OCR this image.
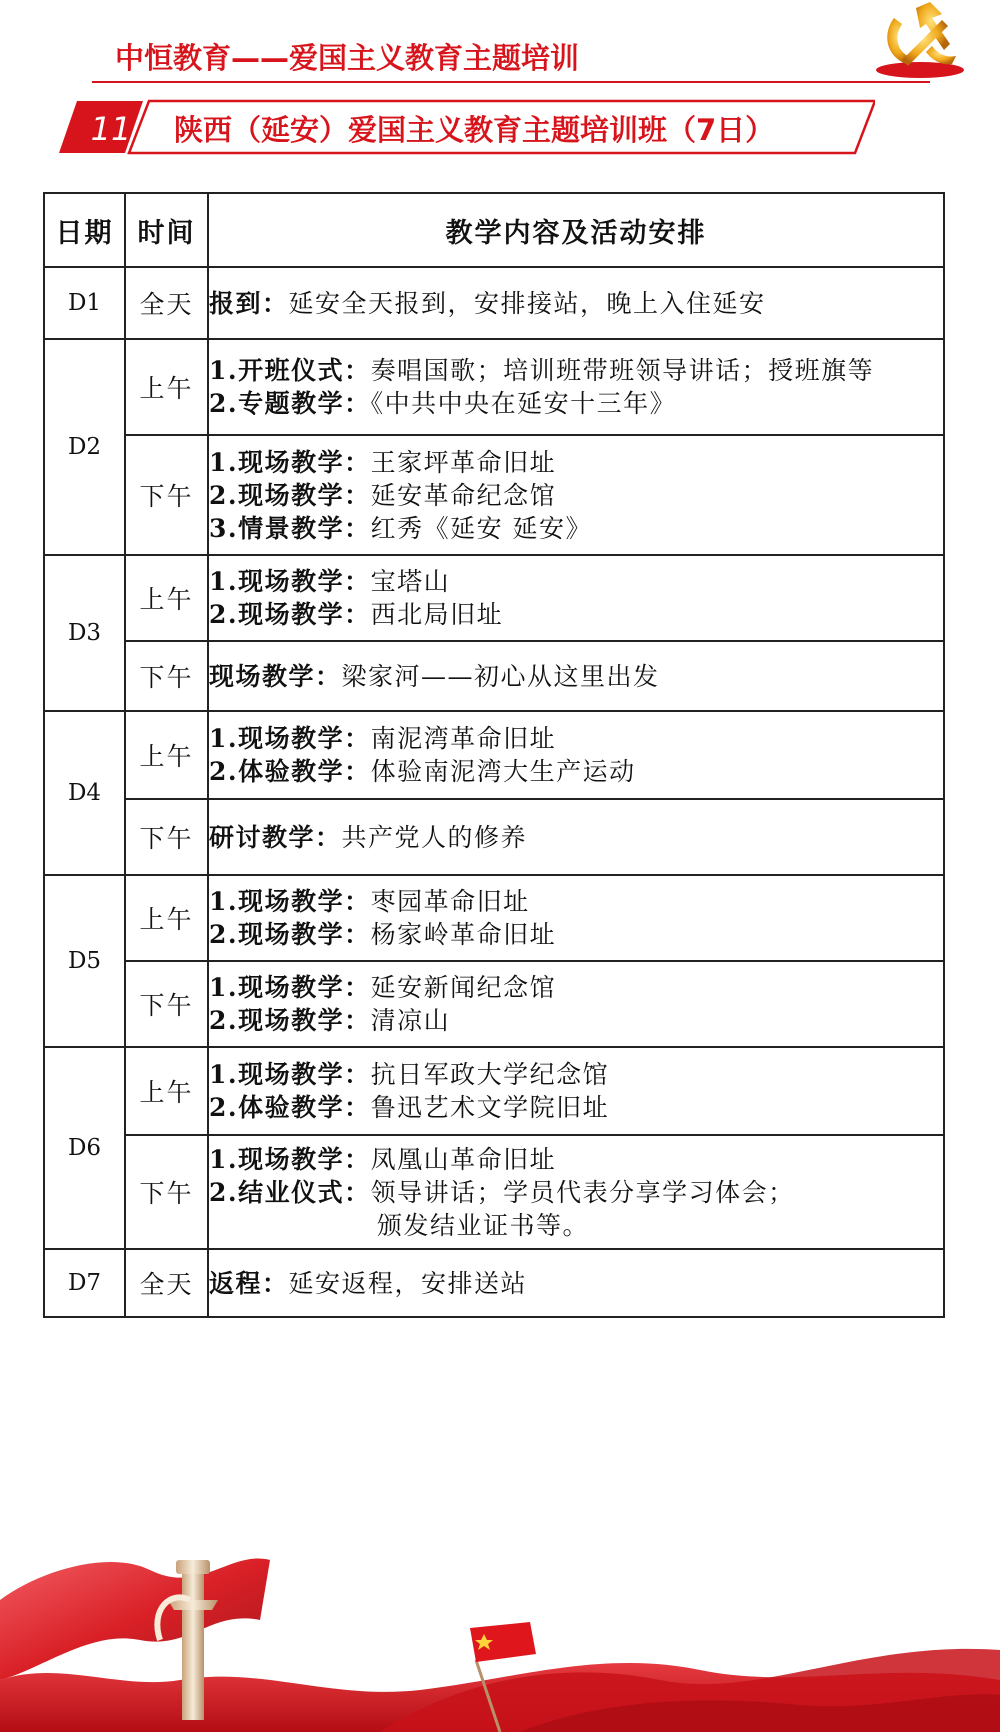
中恒教育——爱国主义教育主题培训
11 陕西（延安）爱国主义教育主题培训班（7日）
日期	时间	教学内容及活动安排
D1	全天	报到：延安全天报到，安排接站，晚上入住延安

D2	上午	1.开班仪式：奏唱国歌；培训班带班领导讲话；授班旗等
2.专题教学：《中共中央在延安十三年》

	下午	1.现场教学：王家坪革命旧址
2.现场教学：延安革命纪念馆
3.情景教学：红秀《延安 延安》

D3	上午	1.现场教学：宝塔山
2.现场教学：西北局旧址

	下午	现场教学：梁家河——初心从这里出发

D4	上午	1.现场教学：南泥湾革命旧址
2.体验教学：体验南泥湾大生产运动

	下午	研讨教学：共产党人的修养

D5	上午	1.现场教学：枣园革命旧址
2.现场教学：杨家岭革命旧址

	下午	1.现场教学：延安新闻纪念馆
2.现场教学：清凉山

D6	上午	1.现场教学：抗日军政大学纪念馆
2.体验教学：鲁迅艺术文学院旧址

	下午	1.现场教学：凤凰山革命旧址
2.结业仪式：领导讲话；学员代表分享学习体会；
颁发结业证书等。

D7	全天	返程：延安返程，安排送站
